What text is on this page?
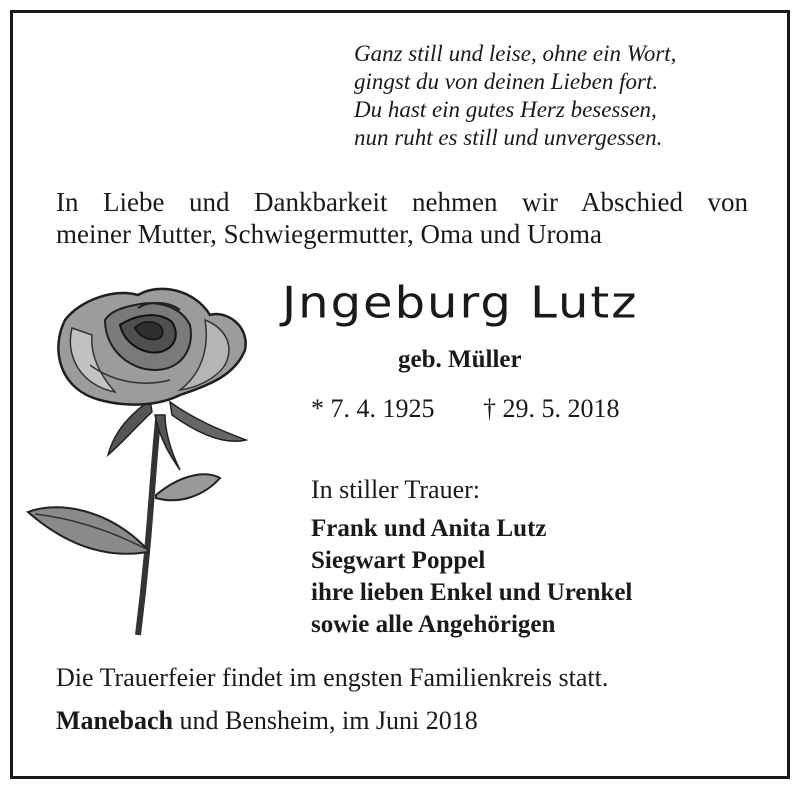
Ganz still und leise, ohne ein Wort,
gingst du von deinen Lieben fort.
Du hast ein gutes Herz besessen,
nun ruht es still und unvergessen.
In Liebe und Dankbarkeit nehmen wir Abschied von
meiner Mutter, Schwiegermutter, Oma und Uroma
Jngeburg Lutz
geb. Müller
* 7. 4. 1925 † 29. 5. 2018
In stiller Trauer:
Frank und Anita Lutz
Siegwart Poppel
ihre lieben Enkel und Urenkel
sowie alle Angehörigen
Die Trauerfeier findet im engsten Familienkreis statt.
Manebach und Bensheim, im Juni 2018
